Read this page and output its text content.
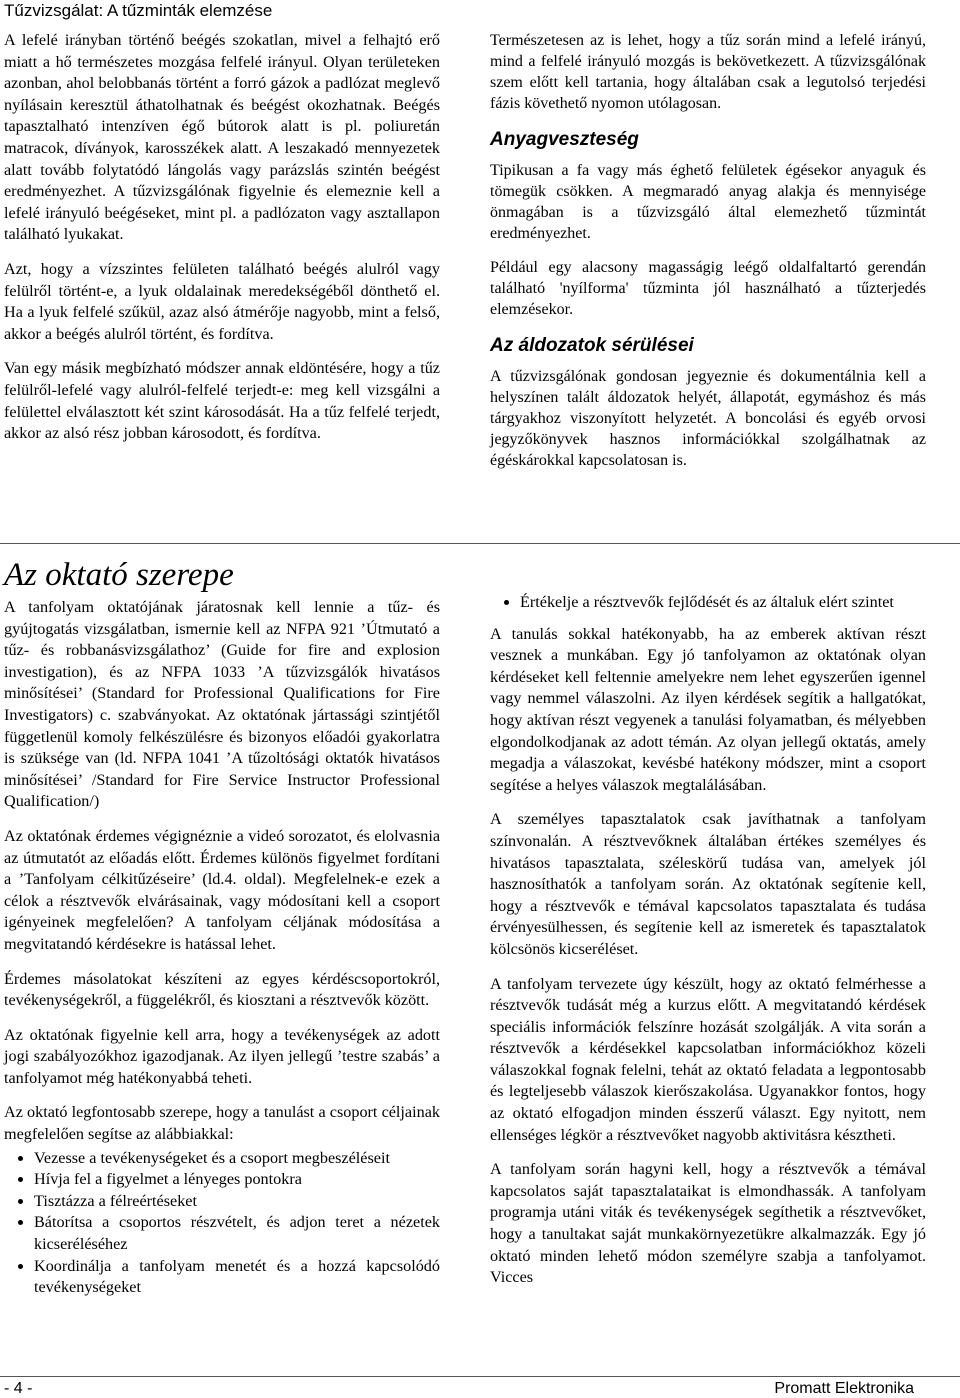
Tűzvizsgálat: A tűzminták elemzése

A lefelé irányban történő beégés szokatlan, mivel a felhajtó erő miatt a hő természetes mozgása felfelé irányul. Olyan területeken azonban, ahol belobbanás történt a forró gázok a padlózat meglevő nyílásain keresztül áthatolhatnak és beégést okozhatnak. Beégés tapasztalható intenzíven égő bútorok alatt is pl. poliuretán matracok, díványok, karosszékek alatt. A leszakadó mennyezetek alatt tovább folytatódó lángolás vagy parázslás szintén beégést eredményezhet. A tűzvizsgálónak figyelnie és elemeznie kell a lefelé irányuló beégéseket, mint pl. a padlózaton vagy asztallapon található lyukakat.

Azt, hogy a vízszintes felületen található beégés alulról vagy felülről történt-e, a lyuk oldalainak meredekségéből dönthető el. Ha a lyuk felfelé szűkül, azaz alsó átmérője nagyobb, mint a felső, akkor a beégés alulról történt, és fordítva.

Van egy másik megbízható módszer annak eldöntésére, hogy a tűz felülről-lefelé vagy alulról-felfelé terjedt-e: meg kell vizsgálni a felülettel elválasztott két szint károsodását. Ha a tűz felfelé terjedt, akkor az alsó rész jobban károsodott, és fordítva.

Természetesen az is lehet, hogy a tűz során mind a lefelé irányú, mind a felfelé irányuló mozgás is bekövetkezett. A tűzvizsgálónak szem előtt kell tartania, hogy általában csak a legutolsó terjedési fázis követhető nyomon utólagosan.

Anyagveszteség

Tipikusan a fa vagy más éghető felületek égésekor anyaguk és tömegük csökken. A megmaradó anyag alakja és mennyisége önmagában is a tűzvizsgáló által elemezhető tűzmintát eredményezhet.

Például egy alacsony magasságig leégő oldalfaltartó gerendán található 'nyílforma' tűzminta jól használható a tűzterjedés elemzésekor.

Az áldozatok sérülései

A tűzvizsgálónak gondosan jegyeznie és dokumentálnia kell a helyszínen talált áldozatok helyét, állapotát, egymáshoz és más tárgyakhoz viszonyított helyzetét. A boncolási és egyéb orvosi jegyzőkönyvek hasznos információkkal szolgálhatnak az égéskárokkal kapcsolatosan is.

Az oktató szerepe

A tanfolyam oktatójának járatosnak kell lennie a tűz- és gyújtogatás vizsgálatban, ismernie kell az NFPA 921 ’Útmutató a tűz- és robbanásvizsgálathoz’ (Guide for fire and explosion investigation), és az NFPA 1033 ’A tűzvizsgálók hivatásos minősítései’ (Standard for Professional Qualifications for Fire Investigators) c. szabványokat. Az oktatónak jártassági szintjétől függetlenül komoly felkészülésre és bizonyos előadói gyakorlatra is szüksége van (ld. NFPA 1041 ’A tűzoltósági oktatók hivatásos minősítései’ /Standard for Fire Service Instructor Professional Qualification/)

Az oktatónak érdemes végignéznie a videó sorozatot, és elolvasnia az útmutatót az előadás előtt. Érdemes különös figyelmet fordítani a ’Tanfolyam célkitűzéseire’ (ld.4. oldal). Megfelelnek-e ezek a célok a résztvevők elvárásainak, vagy módosítani kell a csoport igényeinek megfelelően? A tanfolyam céljának módosítása a megvitatandó kérdésekre is hatással lehet.

Érdemes másolatokat készíteni az egyes kérdéscsoportokról, tevékenységekről, a függelékről, és kiosztani a résztvevők között.

Az oktatónak figyelnie kell arra, hogy a tevékenységek az adott jogi szabályozókhoz igazodjanak. Az ilyen jellegű ’testre szabás’ a tanfolyamot még hatékonyabbá teheti.

Az oktató legfontosabb szerepe, hogy a tanulást a csoport céljainak megfelelően segítse az alábbiakkal:

• Vezesse a tevékenységeket és a csoport megbeszéléseit
• Hívja fel a figyelmet a lényeges pontokra
• Tisztázza a félreértéseket
• Bátorítsa a csoportos részvételt, és adjon teret a nézetek kicseréléséhez
• Koordinálja a tanfolyam menetét és a hozzá kapcsolódó tevékenységeket
• Értékelje a résztvevők fejlődését és az általuk elért szintet

A tanulás sokkal hatékonyabb, ha az emberek aktívan részt vesznek a munkában. Egy jó tanfolyamon az oktatónak olyan kérdéseket kell feltennie amelyekre nem lehet egyszerűen igennel vagy nemmel válaszolni. Az ilyen kérdések segítik a hallgatókat, hogy aktívan részt vegyenek a tanulási folyamatban, és mélyebben elgondolkodjanak az adott témán. Az olyan jellegű oktatás, amely megadja a válaszokat, kevésbé hatékony módszer, mint a csoport segítése a helyes válaszok megtalálásában.

A személyes tapasztalatok csak javíthatnak a tanfolyam színvonalán. A résztvevőknek általában értékes személyes és hivatásos tapasztalata, széleskörű tudása van, amelyek jól hasznosíthatók a tanfolyam során. Az oktatónak segítenie kell, hogy a résztvevők e témával kapcsolatos tapasztalata és tudása érvényesülhessen, és segítenie kell az ismeretek és tapasztalatok kölcsönös kicseréléset.

A tanfolyam tervezete úgy készült, hogy az oktató felmérhesse a résztvevők tudását még a kurzus előtt. A megvitatandó kérdések speciális információk felszínre hozását szolgálják. A vita során a résztvevők a kérdésekkel kapcsolatban információkhoz közeli válaszokkal fognak felelni, tehát az oktató feladata a legpontosabb és legteljesebb válaszok kierőszakolása. Ugyanakkor fontos, hogy az oktató elfogadjon minden ésszerű választ. Egy nyitott, nem ellenséges légkör a résztvevőket nagyobb aktivitásra késztheti.

A tanfolyam során hagyni kell, hogy a résztvevők a témával kapcsolatos saját tapasztalataikat is elmondhassák. A tanfolyam programja utáni viták és tevékenységek segíthetik a résztvevőket, hogy a tanultakat saját munkakörnyezetükre alkalmazzák. Egy jó oktató minden lehető módon személyre szabja a tanfolyamot. Vicces

- 4 -	Promatt Elektronika
